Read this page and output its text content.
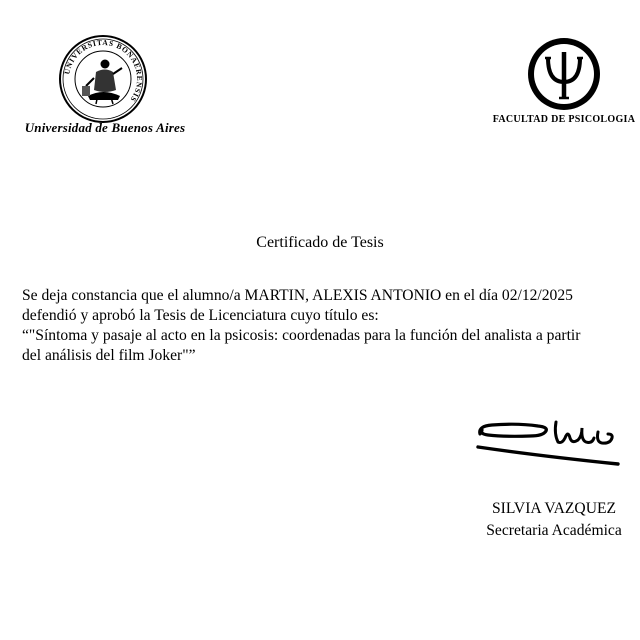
UNIVERSITAS BONAERENSIS
Universidad de Buenos Aires
FACULTAD DE PSICOLOGIA
Certificado de Tesis
Se deja constancia que el alumno/a MARTIN, ALEXIS ANTONIO en el día 02/12/2025
defendió y aprobó la Tesis de Licenciatura cuyo título es:
“"Síntoma y pasaje al acto en la psicosis: coordenadas para la función del analista a partir
del análisis del film Joker"”
SILVIA VAZQUEZ
Secretaria Académica
